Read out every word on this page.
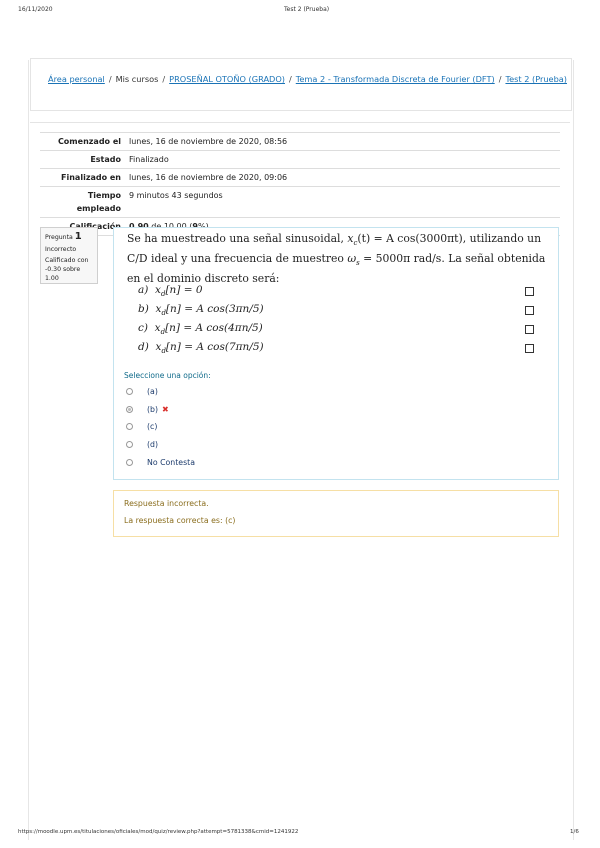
16/11/2020	Test 2 (Prueba)
Área personal / Mis cursos / PROSEÑAL OTOÑO (GRADO) / Tema 2 - Transformada Discreta de Fourier (DFT) / Test 2 (Prueba)
Comenzado el	lunes, 16 de noviembre de 2020, 08:56
Estado	Finalizado
Finalizado en	lunes, 16 de noviembre de 2020, 09:06
Tiempo empleado	9 minutos 43 segundos

Pregunta 1
Incorrecto
Calificado con -0.30 sobre 1.00
Se ha muestreado una señal sinusoidal, $x_c(t) = A$ cos(3000πt), utilizando un C/D ideal y una frecuencia de muestreo $\omega_s = 5000\pi$ rad/s. La señal obtenida en el dominio discreto será:
a) $x_d[n] = 0$
b) $x_d[n] = A$ cos(3πn/5)
c) $x_d[n] = A$ cos(4πn/5)
d) $x_d[n] = A$ cos(7πn/5)
Seleccione una opción:
(a)
(b) ✖
(c)
(d)
No Contesta
Respuesta incorrecta.
La respuesta correcta es: (c)
https://moodle.upm.es/titulaciones/oficiales/mod/quiz/review.php?attempt=5781338&cmid=1241922	1/6
